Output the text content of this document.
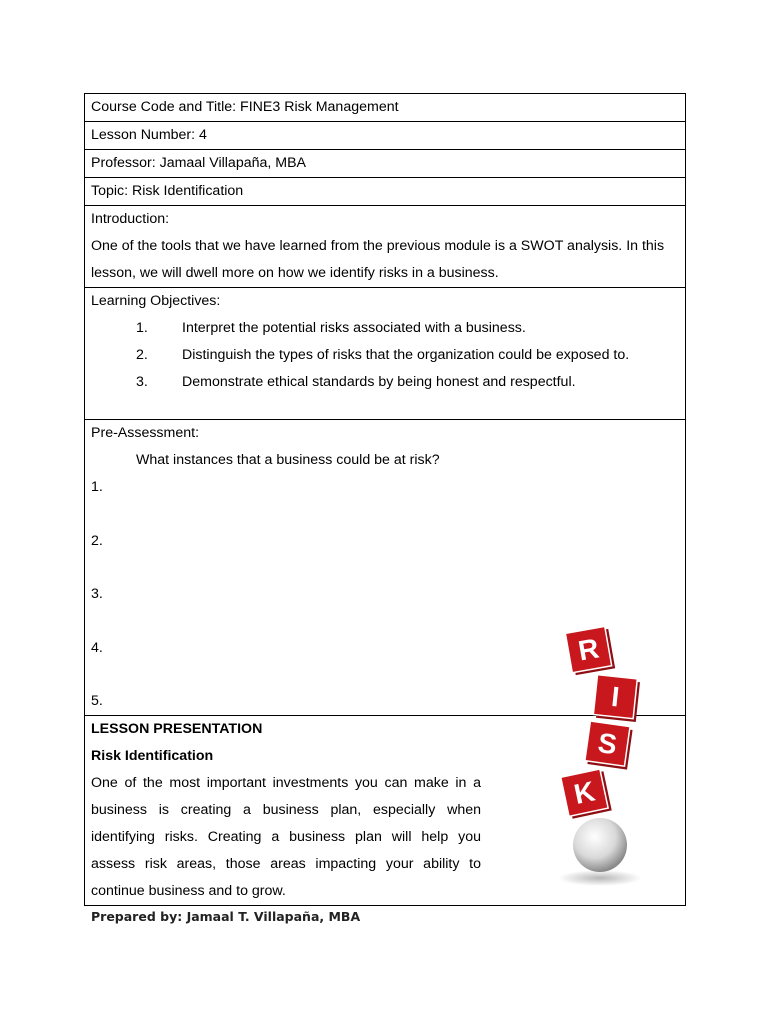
Course Code and Title: FINE3 Risk Management
Lesson Number: 4
Professor: Jamaal Villapaña, MBA
Topic: Risk Identification

Introduction:
One of the tools that we have learned from the previous module is a SWOT analysis. In this lesson, we will dwell more on how we identify risks in a business.

Learning Objectives:
1.	Interpret the potential risks associated with a business.
2.	Distinguish the types of risks that the organization could be exposed to.
3.	Demonstrate ethical standards by being honest and respectful.

Pre-Assessment:
What instances that a business could be at risk?
1.
2.
3.
4.
5.

LESSON PRESENTATION
Risk Identification
One of the most important investments you can make in a business is creating a business plan, especially when identifying risks. Creating a business plan will help you assess risk areas, those areas impacting your ability to continue business and to grow.
K
S
I
R
Prepared by: Jamaal T. Villapaña, MBA
